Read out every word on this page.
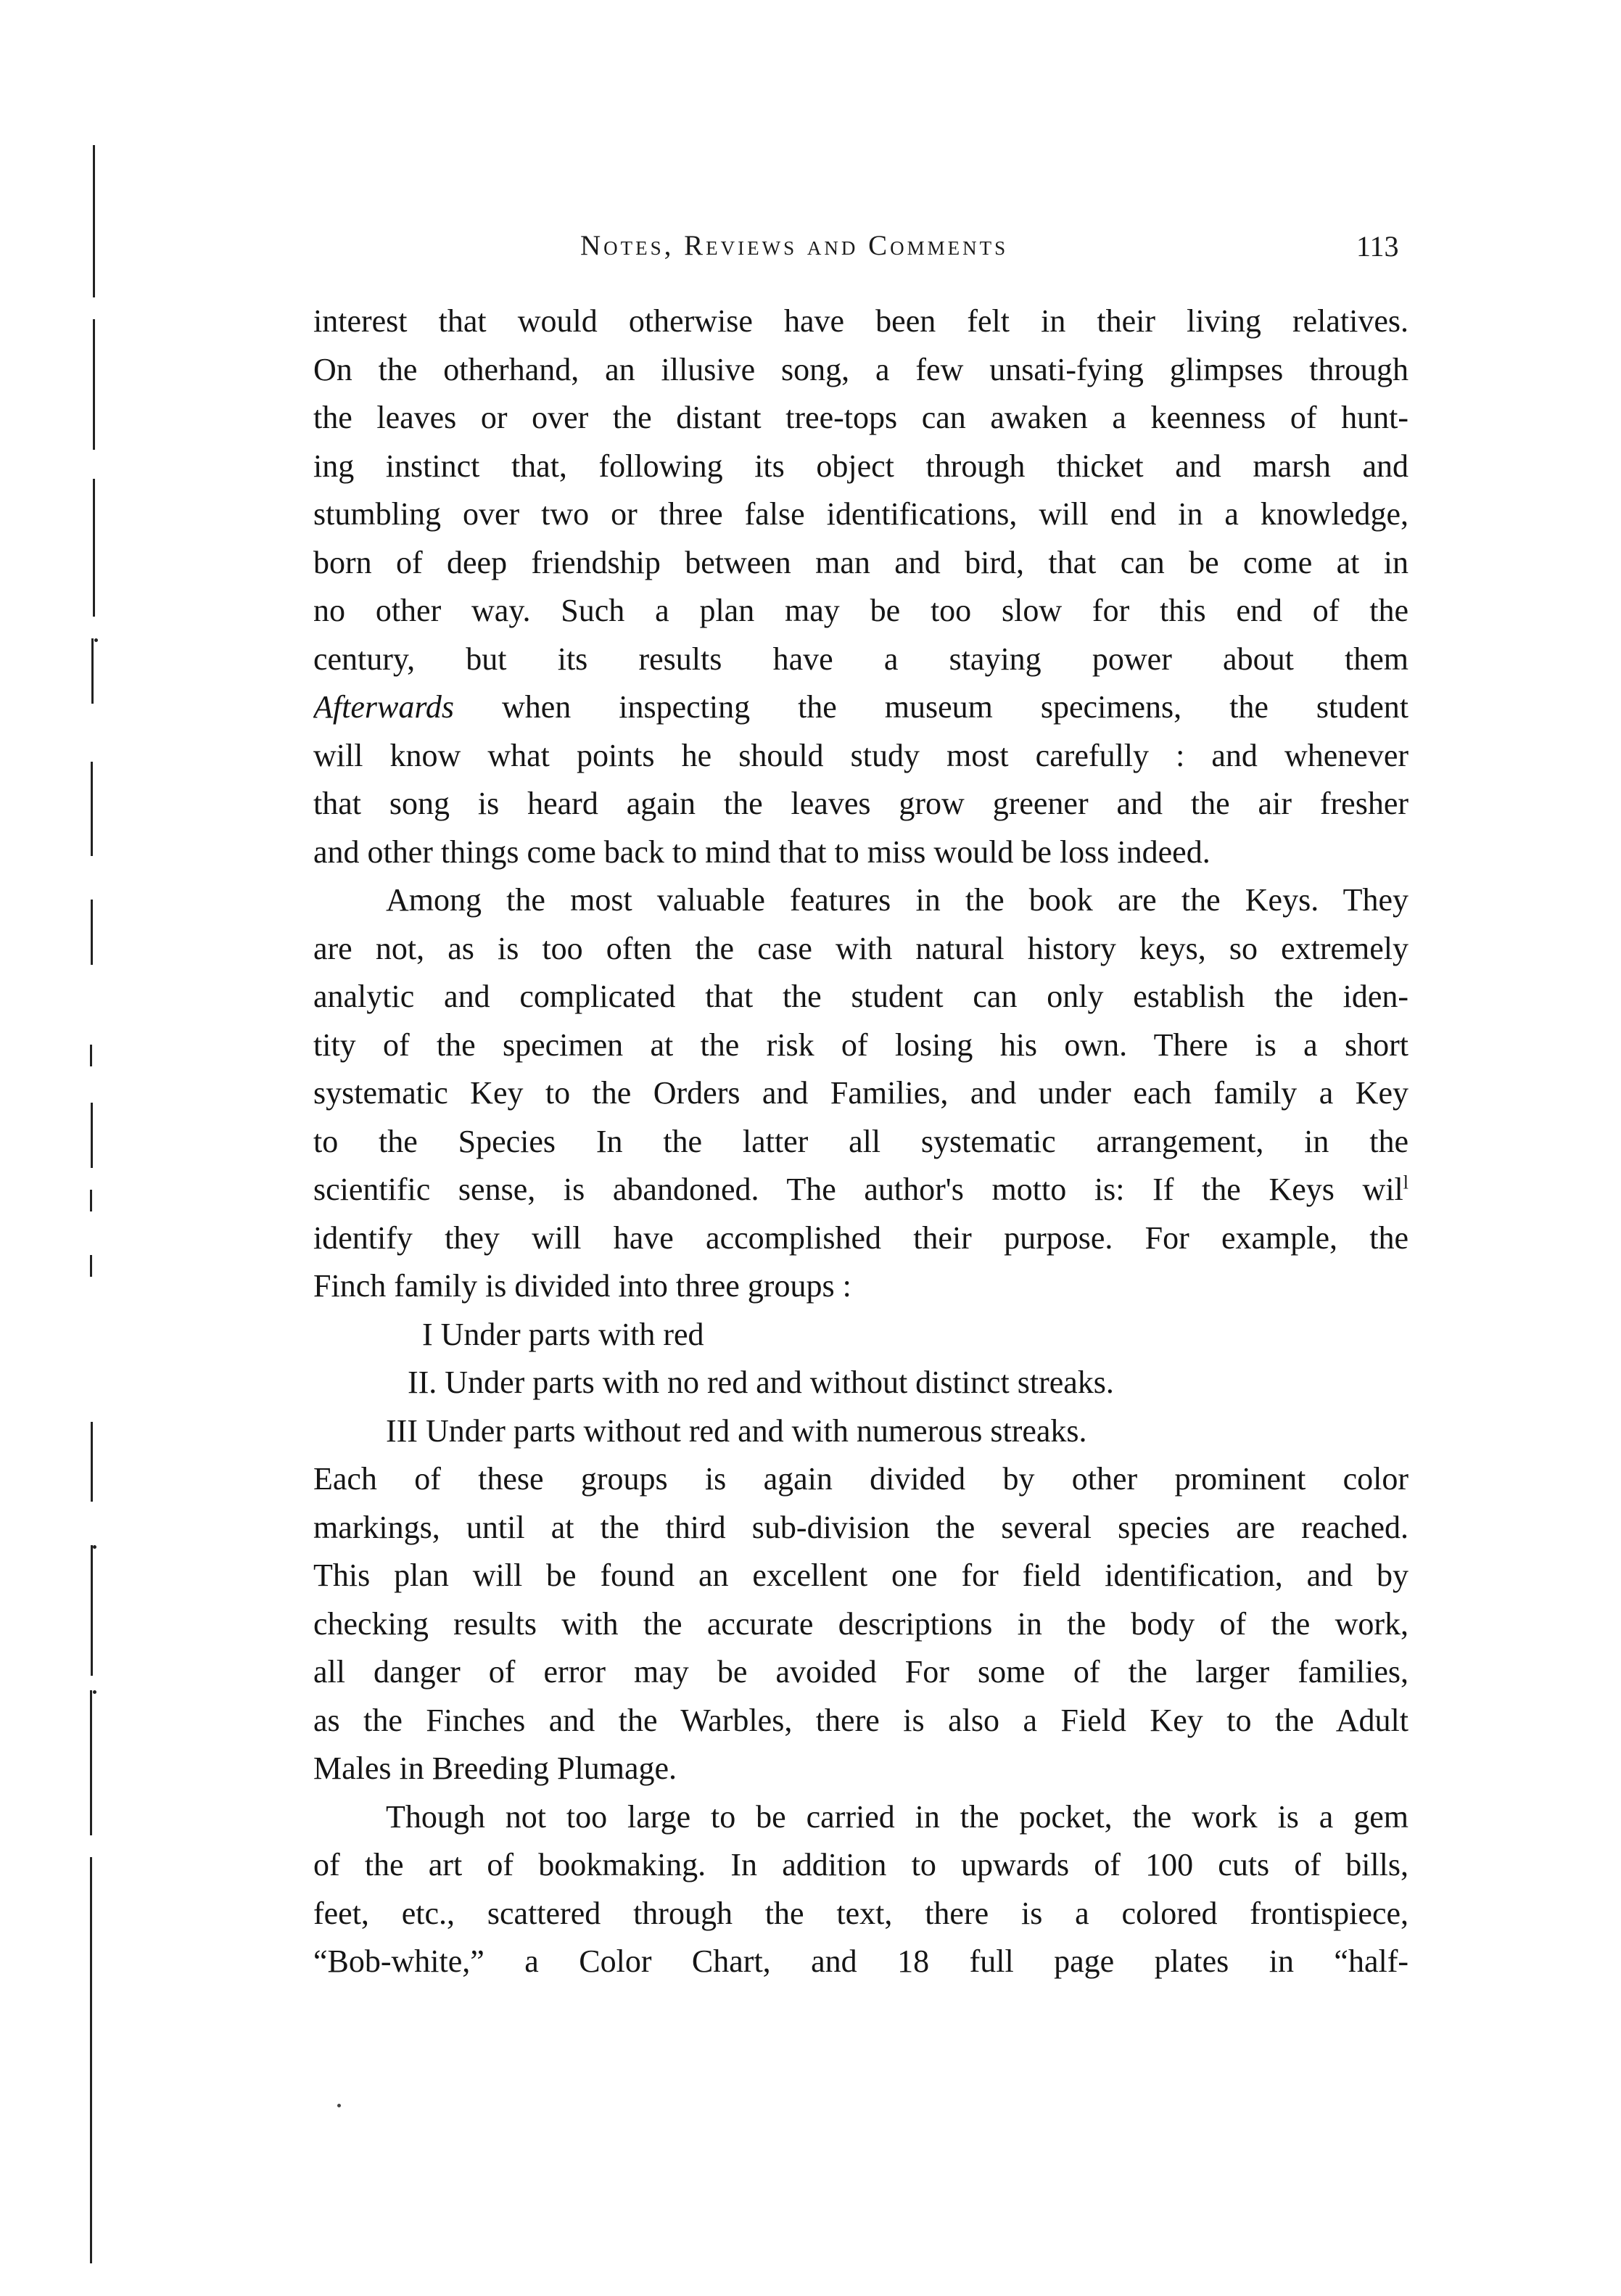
Notes, Reviews and Comments	113
interest that would otherwise have been felt in their living relatives.
On the otherhand, an illusive song, a few unsati-fying glimpses through
the leaves or over the distant tree-tops can awaken a keenness of hunt-
ing instinct that, following its object through thicket and marsh and
stumbling over two or three false identifications, will end in a knowledge,
born of deep friendship between man and bird, that can be come at in
no other way. Such a plan may be too slow for this end of the
century, but its results have a staying power about them
Afterwards when inspecting the museum specimens, the student
will know what points he should study most carefully : and whenever
that song is heard again the leaves grow greener and the air fresher
and other things come back to mind that to miss would be loss indeed.
Among the most valuable features in the book are the Keys. They
are not, as is too often the case with natural history keys, so extremely
analytic and complicated that the student can only establish the iden-
tity of the specimen at the risk of losing his own. There is a short
systematic Key to the Orders and Families, and under each family a Key
to the Species In the latter all systematic arrangement, in the
scientific sense, is abandoned. The author's motto is: If the Keys wil$^l$
identify they will have accomplished their purpose. For example, the
Finch family is divided into three groups :
I Under parts with red
II. Under parts with no red and without distinct streaks.
III Under parts without red and with numerous streaks.
Each of these groups is again divided by other prominent color
markings, until at the third sub-division the several species are reached.
This plan will be found an excellent one for field identification, and by
checking results with the accurate descriptions in the body of the work,
all danger of error may be avoided For some of the larger families,
as the Finches and the Warbles, there is also a Field Key to the Adult
Males in Breeding Plumage.
Though not too large to be carried in the pocket, the work is a gem
of the art of bookmaking. In addition to upwards of 100 cuts of bills,
feet, etc., scattered through the text, there is a colored frontispiece,
“Bob-white,” a Color Chart, and 18 full page plates in “half-
